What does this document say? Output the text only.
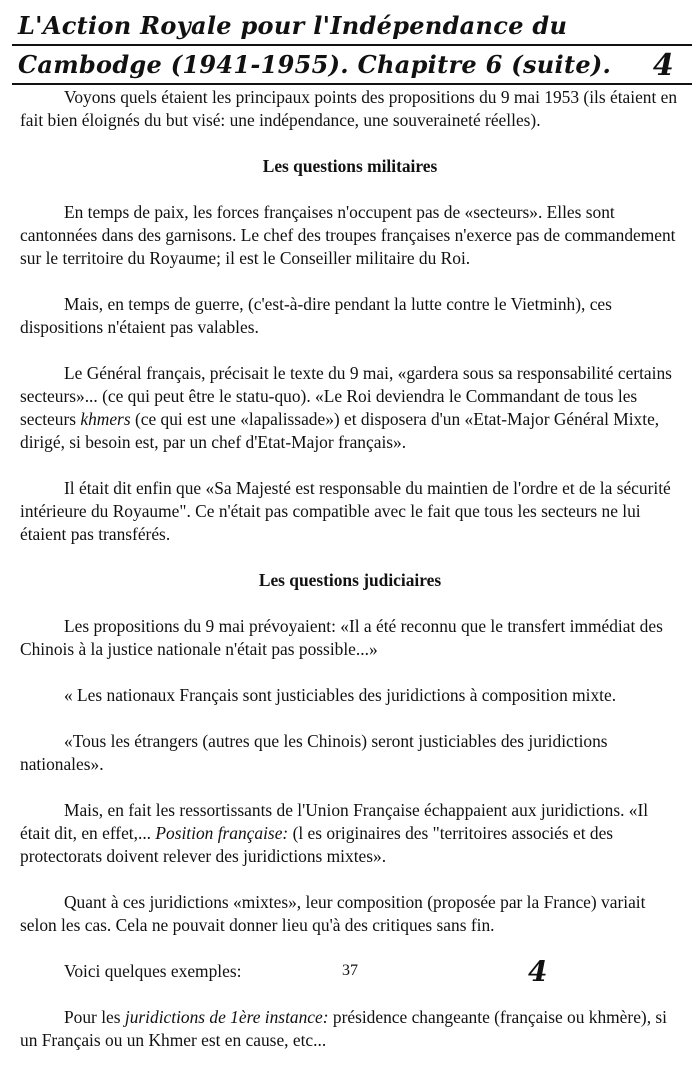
L'Action Royale pour l'Indépendance du
Cambodge (1941-1955). Chapitre 6 (suite).	4

Voyons quels étaient les principaux points des propositions du 9 mai 1953 (ils étaient en fait bien éloignés du but visé: une indépendance, une souveraineté réelles).

Les questions militaires

En temps de paix, les forces françaises n'occupent pas de «secteurs». Elles sont cantonnées dans des garnisons. Le chef des troupes françaises n'exerce pas de commandement sur le territoire du Royaume; il est le Conseiller militaire du Roi.

Mais, en temps de guerre, (c'est-à-dire pendant la lutte contre le Vietminh), ces dispositions n'étaient pas valables.

Le Général français, précisait le texte du 9 mai, «gardera sous sa responsabilité certains secteurs»... (ce qui peut être le statu-quo). «Le Roi deviendra le Commandant de tous les secteurs khmers (ce qui est une «lapalissade») et disposera d'un «Etat-Major Général Mixte, dirigé, si besoin est, par un chef d'Etat-Major français».

Il était dit enfin que «Sa Majesté est responsable du maintien de l'ordre et de la sécurité intérieure du Royaume". Ce n'était pas compatible avec le fait que tous les secteurs ne lui étaient pas transférés.

Les questions judiciaires

Les propositions du 9 mai prévoyaient: «Il a été reconnu que le transfert immédiat des Chinois à la justice nationale n'était pas possible...»

« Les nationaux Français sont justiciables des juridictions à composition mixte.

«Tous les étrangers (autres que les Chinois) seront justiciables des juridictions nationales».

Mais, en fait les ressortissants de l'Union Française échappaient aux juridictions. «Il était dit, en effet,... Position française: (l es originaires des "territoires associés et des protectorats doivent relever des juridictions mixtes».

Quant à ces juridictions «mixtes», leur composition (proposée par la France) variait selon les cas. Cela ne pouvait donner lieu qu'à des critiques sans fin.

Voici quelques exemples:

Pour les juridictions de 1ère instance: présidence changeante (française ou khmère), si un Français ou un Khmer est en cause, etc...

37	4
